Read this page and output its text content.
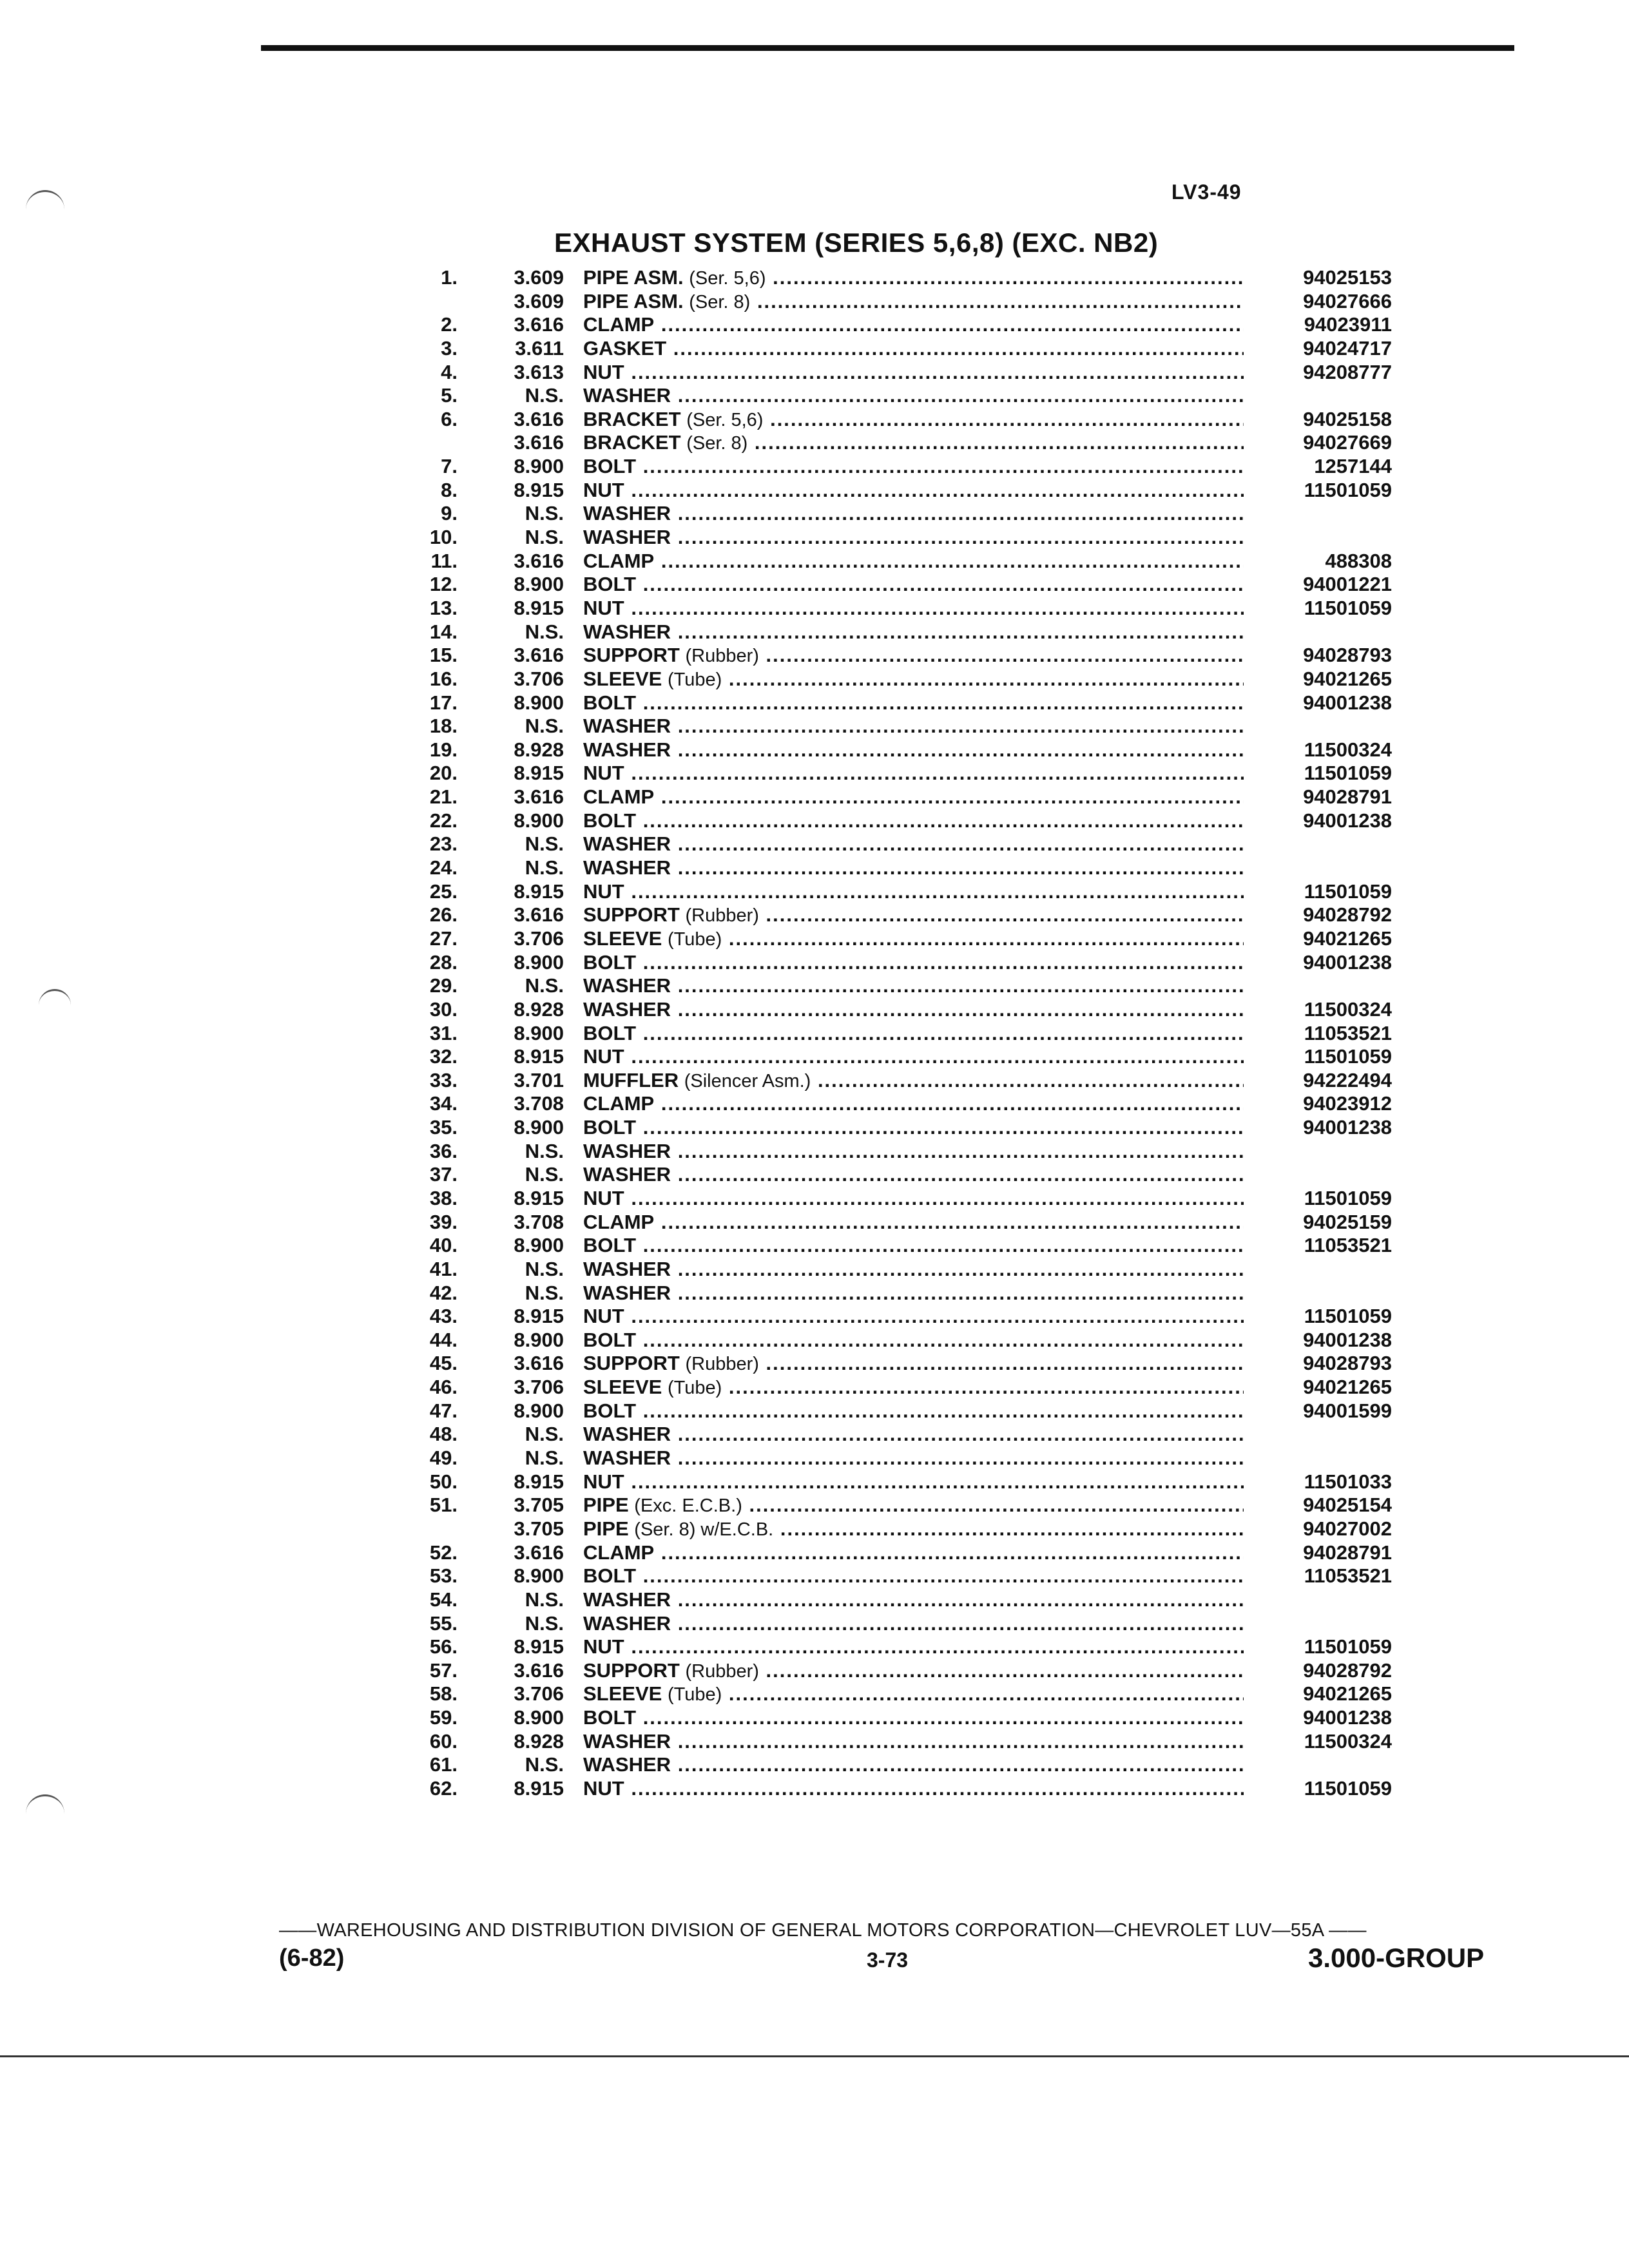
LV3-49
EXHAUST SYSTEM (SERIES 5,6,8) (EXC. NB2)
1.	3.609 PIPE ASM. (Ser. 5,6) .....	94025153
3.609 PIPE ASM. (Ser. 8) .....	94027666
2.	3.616 CLAMP .....	94023911
3.	3.611 GASKET .....	94024717
4.	3.613 NUT .....	94208777
5.	N.S. WASHER .....
6.	3.616 BRACKET (Ser. 5,6) .....	94025158
3.616 BRACKET (Ser. 8) .....	94027669
7.	8.900 BOLT .....	1257144
8.	8.915 NUT .....	11501059
9.	N.S. WASHER .....
10.	N.S. WASHER .....
11.	3.616 CLAMP .....	488308
12.	8.900 BOLT .....	94001221
13.	8.915 NUT .....	11501059
14.	N.S. WASHER .....
15.	3.616 SUPPORT (Rubber) .....	94028793
16.	3.706 SLEEVE (Tube) .....	94021265
17.	8.900 BOLT .....	94001238
18.	N.S. WASHER .....
19.	8.928 WASHER .....	11500324
20.	8.915 NUT .....	11501059
21.	3.616 CLAMP .....	94028791
22.	8.900 BOLT .....	94001238
23.	N.S. WASHER .....
24.	N.S. WASHER .....
25.	8.915 NUT .....	11501059
26.	3.616 SUPPORT (Rubber) .....	94028792
27.	3.706 SLEEVE (Tube) .....	94021265
28.	8.900 BOLT .....	94001238
29.	N.S. WASHER .....
30.	8.928 WASHER .....	11500324
31.	8.900 BOLT .....	11053521
32.	8.915 NUT .....	11501059
33.	3.701 MUFFLER (Silencer Asm.) .....	94222494
34.	3.708 CLAMP .....	94023912
35.	8.900 BOLT .....	94001238
36.	N.S. WASHER .....
37.	N.S. WASHER .....
38.	8.915 NUT .....	11501059
39.	3.708 CLAMP .....	94025159
40.	8.900 BOLT .....	11053521
41.	N.S. WASHER .....
42.	N.S. WASHER .....
43.	8.915 NUT .....	11501059
44.	8.900 BOLT .....	94001238
45.	3.616 SUPPORT (Rubber) .....	94028793
46.	3.706 SLEEVE (Tube) .....	94021265
47.	8.900 BOLT .....	94001599
48.	N.S. WASHER .....
49.	N.S. WASHER .....
50.	8.915 NUT .....	11501033
51.	3.705 PIPE (Exc. E.C.B.) .....	94025154
3.705 PIPE (Ser. 8) w/E.C.B. .....	94027002
52.	3.616 CLAMP .....	94028791
53.	8.900 BOLT .....	11053521
54.	N.S. WASHER .....
55.	N.S. WASHER .....
56.	8.915 NUT .....	11501059
57.	3.616 SUPPORT (Rubber) .....	94028792
58.	3.706 SLEEVE (Tube) .....	94021265
59.	8.900 BOLT .....	94001238
60.	8.928 WASHER .....	11500324
61.	N.S. WASHER .....
62.	8.915 NUT .....	11501059
——WAREHOUSING AND DISTRIBUTION DIVISION OF GENERAL MOTORS CORPORATION—CHEVROLET LUV—55A ——
(6-82)	3-73	3.000-GROUP
